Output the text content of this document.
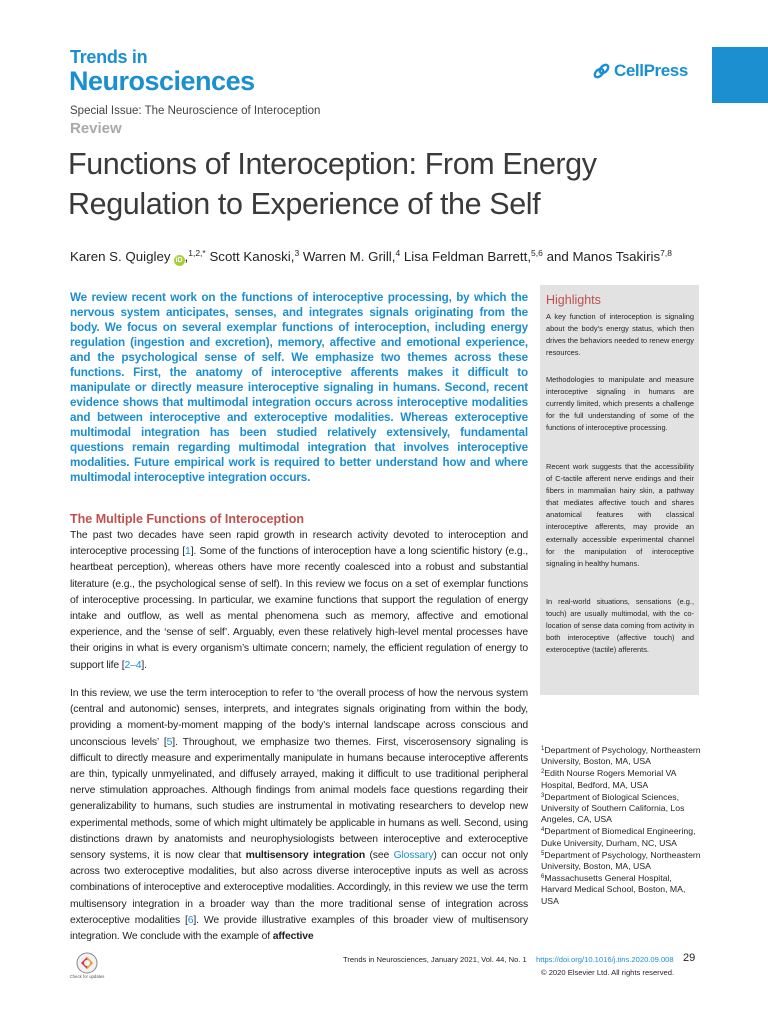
Trends in
Neurosciences	CellPress
Special Issue: The Neuroscience of Interoception
Review
Functions of Interoception: From Energy Regulation to Experience of the Self
Karen S. Quigley iD ,$^{1,2,*}$ Scott Kanoski,$^3$ Warren M. Grill,$^4$ Lisa Feldman Barrett,$^{5,6}$ and Manos Tsakiris$^{7,8}$
We review recent work on the functions of interoceptive processing, by which the nervous system anticipates, senses, and integrates signals originating from the body. We focus on several exemplar functions of interoception, including energy regulation (ingestion and excretion), memory, affective and emotional experience, and the psychological sense of self. We emphasize two themes across these functions. First, the anatomy of interoceptive afferents makes it difficult to manipulate or directly measure interoceptive signaling in humans. Second, recent evidence shows that multimodal integration occurs across interoceptive modalities and between interoceptive and exteroceptive modalities. Whereas exteroceptive multimodal integration has been studied relatively extensively, fundamental questions remain regarding multimodal integration that involves interoceptive modalities. Future empirical work is required to better understand how and where multimodal interoceptive integration occurs.
The Multiple Functions of Interoception
The past two decades have seen rapid growth in research activity devoted to interoception and interoceptive processing [1]. Some of the functions of interoception have a long scientific history (e.g., heartbeat perception), whereas others have more recently coalesced into a robust and substantial literature (e.g., the psychological sense of self). In this review we focus on a set of exemplar functions of interoceptive processing. In particular, we examine functions that support the regulation of energy intake and outflow, as well as mental phenomena such as memory, affective and emotional experience, and the ‘sense of self’. Arguably, even these relatively high-level mental processes have their origins in what is every organism’s ultimate concern; namely, the efficient regulation of energy to support life [2–4].
In this review, we use the term interoception to refer to ‘the overall process of how the nervous system (central and autonomic) senses, interprets, and integrates signals originating from within the body, providing a moment-by-moment mapping of the body’s internal landscape across conscious and unconscious levels’ [5]. Throughout, we emphasize two themes. First, viscerosensory signaling is difficult to directly measure and experimentally manipulate in humans because interoceptive afferents are thin, typically unmyelinated, and diffusely arrayed, making it difficult to use traditional peripheral nerve stimulation approaches. Although findings from animal models face questions regarding their generalizability to humans, such studies are instrumental in motivating researchers to develop new experimental methods, some of which might ultimately be applicable in humans as well. Second, using distinctions drawn by anatomists and neurophysiologists between interoceptive and exteroceptive sensory systems, it is now clear that multisensory integration (see Glossary) can occur not only across two exteroceptive modalities, but also across diverse interoceptive inputs as well as across combinations of interoceptive and exteroceptive modalities. Accordingly, in this review we use the term multisensory integration in a broader way than the more traditional sense of integration across exteroceptive modalities [6]. We provide illustrative examples of this broader view of multisensory integration. We conclude with the example of affective
Highlights
A key function of interoception is signaling about the body’s energy status, which then drives the behaviors needed to renew energy resources.
Methodologies to manipulate and measure interoceptive signaling in humans are currently limited, which presents a challenge for the full understanding of some of the functions of interoceptive processing.
Recent work suggests that the accessibility of C-tactile afferent nerve endings and their fibers in mammalian hairy skin, a pathway that mediates affective touch and shares anatomical features with classical interoceptive afferents, may provide an externally accessible experimental channel for the manipulation of interoceptive signaling in healthy humans.
In real-world situations, sensations (e.g., touch) are usually multimodal, with the co-location of sense data coming from activity in both interoceptive (affective touch) and exteroceptive (tactile) afferents.
$^1$Department of Psychology, Northeastern University, Boston, MA, USA
$^2$Edith Nourse Rogers Memorial VA Hospital, Bedford, MA, USA
$^3$Department of Biological Sciences, University of Southern California, Los Angeles, CA, USA
$^4$Department of Biomedical Engineering, Duke University, Durham, NC, USA
$^5$Department of Psychology, Northeastern University, Boston, MA, USA
$^6$Massachusetts General Hospital, Harvard Medical School, Boston, MA, USA
Check for updates
Trends in Neurosciences, January 2021, Vol. 44, No. 1 https://doi.org/10.1016/j.tins.2020.09.008 29
© 2020 Elsevier Ltd. All rights reserved.
